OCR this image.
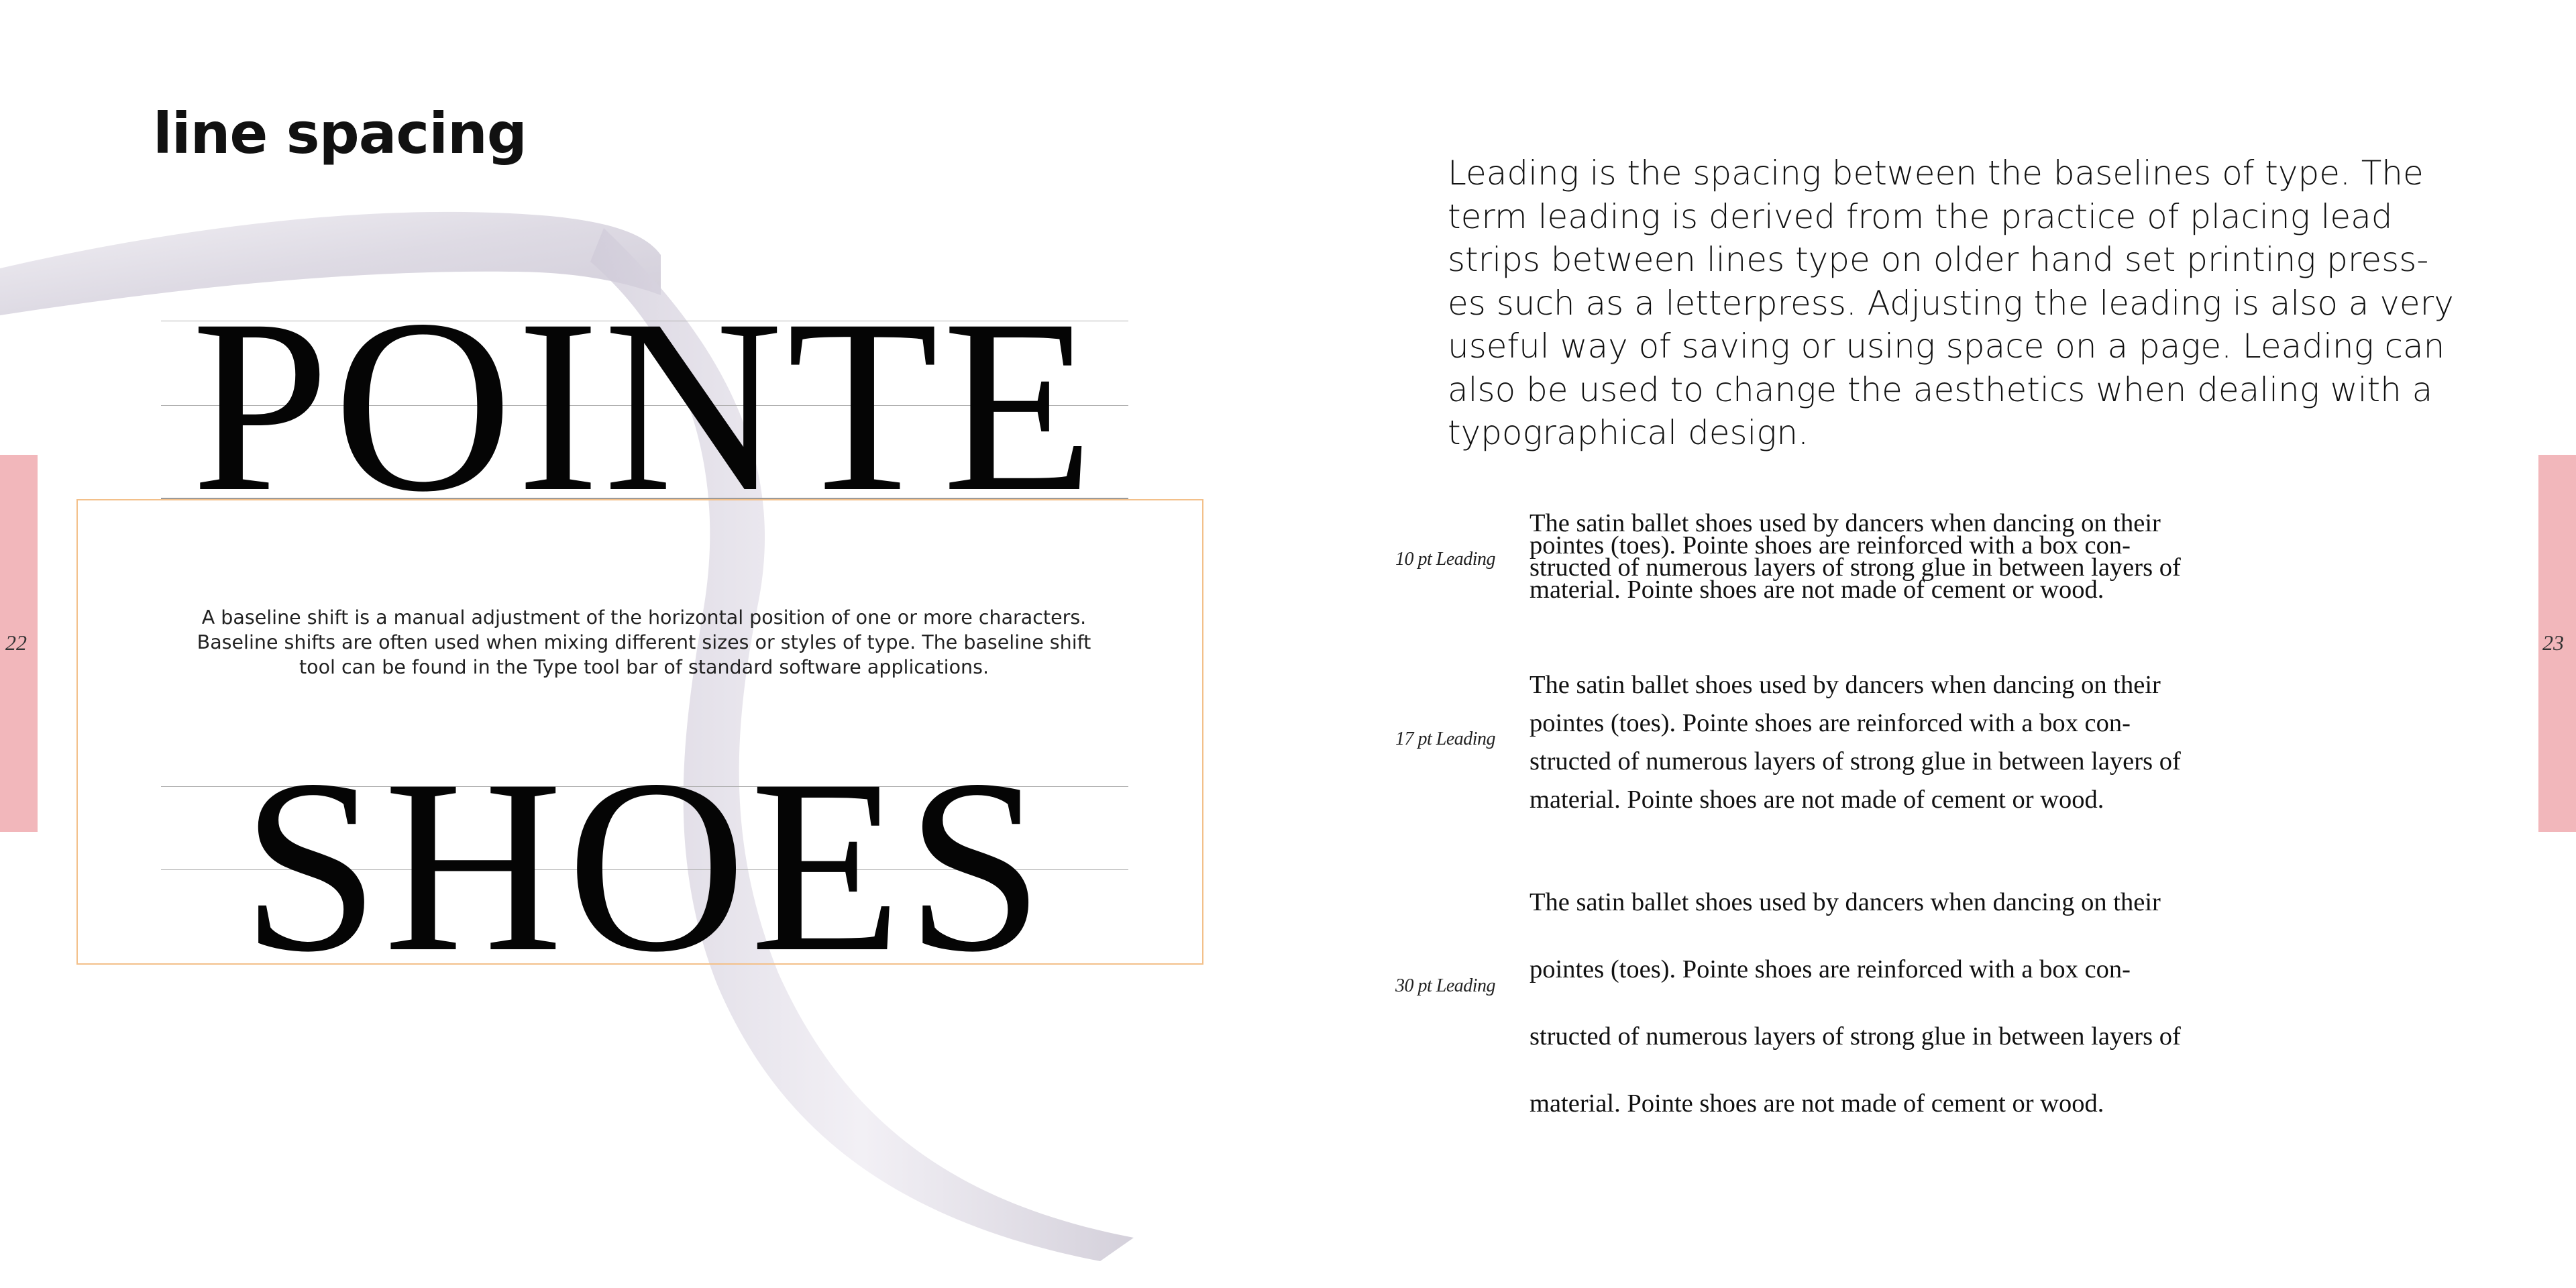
line spacing
POINTE
SHOES
A baseline shift is a manual adjustment of the horizontal position of one or more characters.
Baseline shifts are often used when mixing different sizes or styles of type. The baseline shift
tool can be found in the Type tool bar of standard software applications.
22	23
Leading is the spacing between the baselines of type. The
term leading is derived from the practice of placing lead
strips between lines type on older hand set printing press-
es such as a letterpress. Adjusting the leading is also a very
useful way of saving or using space on a page. Leading can
also be used to change the aesthetics when dealing with a
typographical design.
10 pt Leading
The satin ballet shoes used by dancers when dancing on their
pointes (toes). Pointe shoes are reinforced with a box con-
structed of numerous layers of strong glue in between layers of
material. Pointe shoes are not made of cement or wood.
17 pt Leading
The satin ballet shoes used by dancers when dancing on their
pointes (toes). Pointe shoes are reinforced with a box con-
structed of numerous layers of strong glue in between layers of
material. Pointe shoes are not made of cement or wood.
30 pt Leading
The satin ballet shoes used by dancers when dancing on their
pointes (toes). Pointe shoes are reinforced with a box con-
structed of numerous layers of strong glue in between layers of
material. Pointe shoes are not made of cement or wood.
